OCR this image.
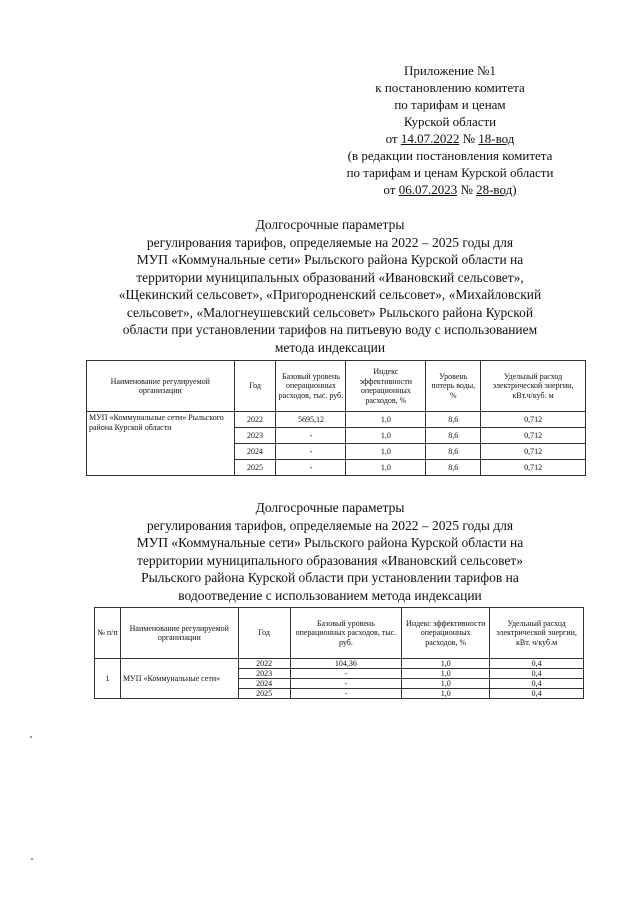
Приложение №1
к постановлению комитета
по тарифам и ценам
Курской области
от 14.07.2022 № 18-вод
(в редакции постановления комитета
по тарифам и ценам Курской области
от 06.07.2023 № 28-вод)
Долгосрочные параметры
регулирования тарифов, определяемые на 2022 – 2025 годы для
МУП «Коммунальные сети» Рыльского района Курской области на
территории муниципальных образований «Ивановский сельсовет»,
«Щекинский сельсовет», «Пригородненский сельсовет», «Михайловский
сельсовет», «Малогнеушевский сельсовет» Рыльского района Курской
области при установлении тарифов на питьевую воду с использованием
метода индексации
Наименование регулируемой организации	Год	Базовый уровень операционных расходов, тыс. руб.	Индекс эффективности операционных расходов, %	Уровень потерь воды, %	Удельный расход электрической энергии, кВт.ч/куб. м
МУП «Коммунальные сети» Рыльского района Курской области	2022	5695,12	1,0	8,6	0,712
	2023	-	1,0	8,6	0,712
	2024	-	1,0	8,6	0,712
	2025	-	1,0	8,6	0,712
Долгосрочные параметры
регулирования тарифов, определяемые на 2022 – 2025 годы для
МУП «Коммунальные сети» Рыльского района Курской области на
территории муниципального образования «Ивановский сельсовет»
Рыльского района Курской области при установлении тарифов на
водоотведение с использованием метода индексации
№ п/п	Наименование регулируемой организации	Год	Базовый уровень операционных расходов, тыс. руб.	Индекс эффективности операционных расходов, %	Удельный расход электрической энергии, кВт. ч/куб.м
1	МУП «Коммунальные сети»	2022	104,36	1,0	0,4
		2023	-	1,0	0,4
		2024	-	1,0	0,4
		2025	-	1,0	0,4
